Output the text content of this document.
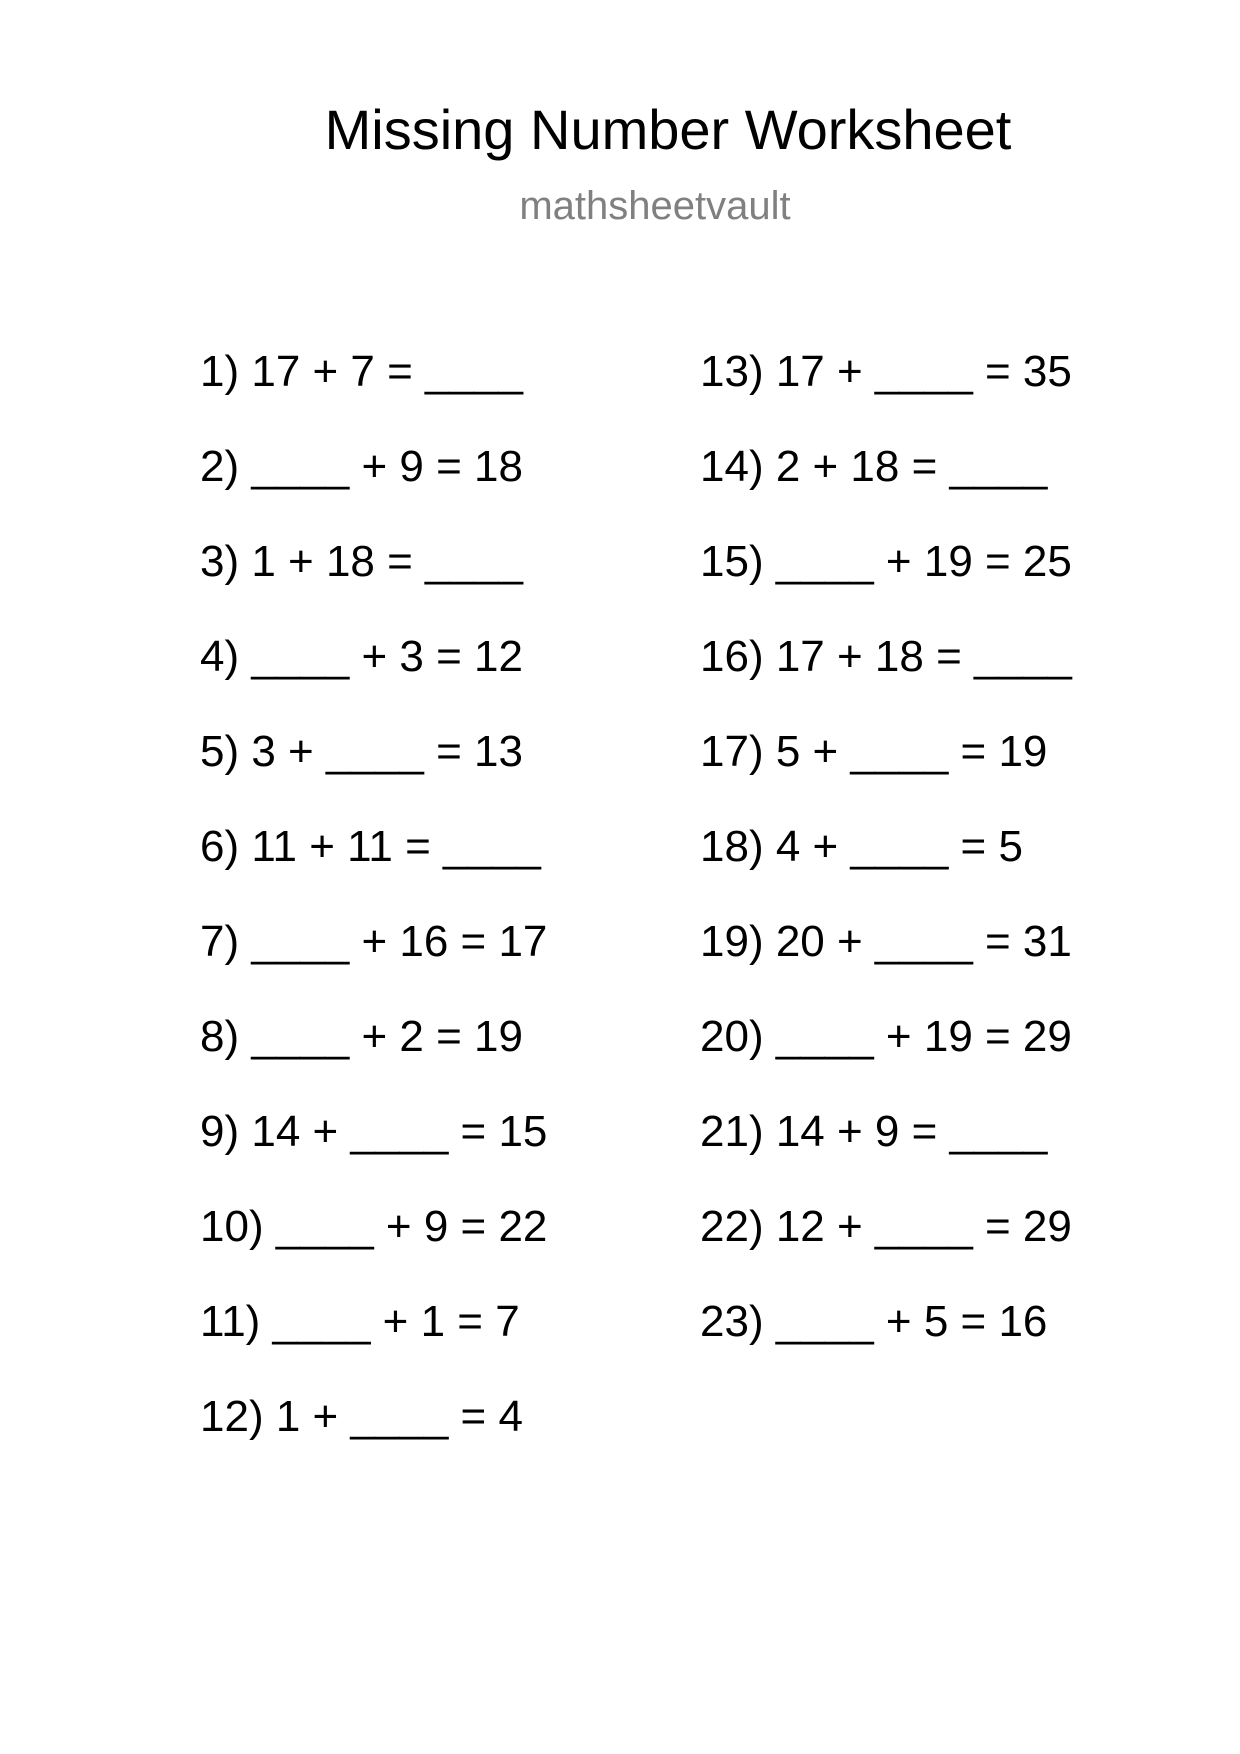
Missing Number Worksheet
mathsheetvault
1) 17 + 7 = ____
2) ____ + 9 = 18
3) 1 + 18 = ____
4) ____ + 3 = 12
5) 3 + ____ = 13
6) 11 + 11 = ____
7) ____ + 16 = 17
8) ____ + 2 = 19
9) 14 + ____ = 15
10) ____ + 9 = 22
11) ____ + 1 = 7
12) 1 + ____ = 4
13) 17 + ____ = 35
14) 2 + 18 = ____
15) ____ + 19 = 25
16) 17 + 18 = ____
17) 5 + ____ = 19
18) 4 + ____ = 5
19) 20 + ____ = 31
20) ____ + 19 = 29
21) 14 + 9 = ____
22) 12 + ____ = 29
23) ____ + 5 = 16
